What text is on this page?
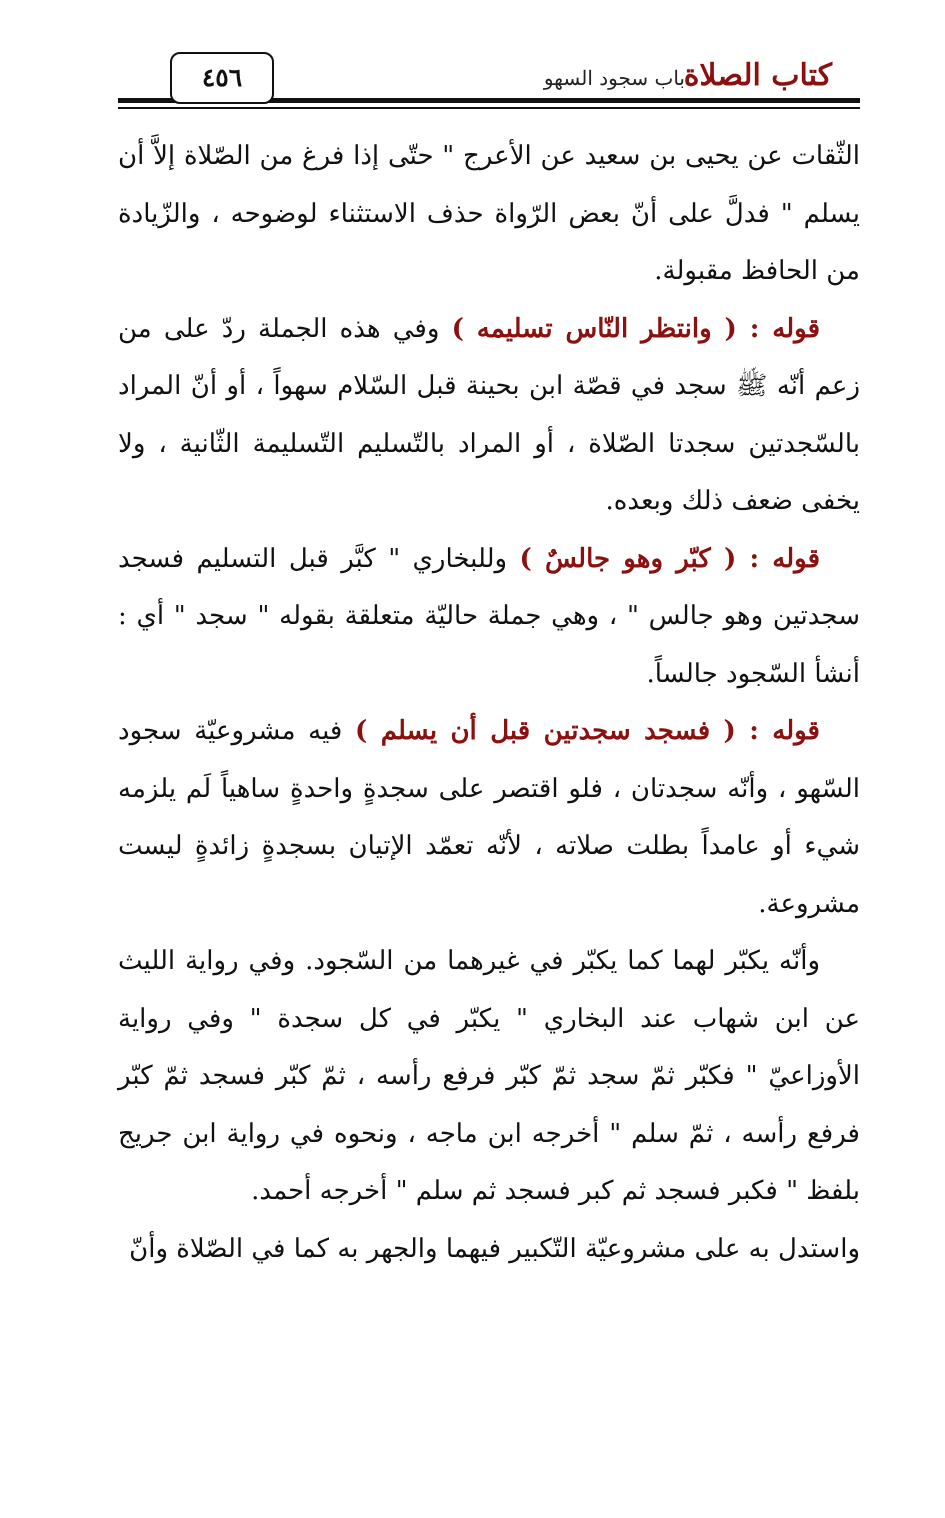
٤٥٦	كتاب الصلاة
باب سجود السهو

الثّقات عن يحيى بن سعيد عن الأعرج " حتّى إذا فرغ من الصّلاة إلاَّ أن يسلم " فدلَّ على أنّ بعض الرّواة حذف الاستثناء لوضوحه ، والزّيادة من الحافظ مقبولة.

قوله : ( وانتظر النّاس تسليمه ) وفي هذه الجملة ردّ على من زعم أنّه ﷺ سجد في قصّة ابن بحينة قبل السّلام سهواً ، أو أنّ المراد بالسّجدتين سجدتا الصّلاة ، أو المراد بالتّسليم التّسليمة الثّانية ، ولا يخفى ضعف ذلك وبعده.

قوله : ( كبّر وهو جالسٌ ) وللبخاري " كبَّر قبل التسليم فسجد سجدتين وهو جالس " ، وهي جملة حاليّة متعلقة بقوله " سجد " أي : أنشأ السّجود جالساً.

قوله : ( فسجد سجدتين قبل أن يسلم ) فيه مشروعيّة سجود السّهو ، وأنّه سجدتان ، فلو اقتصر على سجدةٍ واحدةٍ ساهياً لَم يلزمه شيء أو عامداً بطلت صلاته ، لأنّه تعمّد الإتيان بسجدةٍ زائدةٍ ليست مشروعة.

وأنّه يكبّر لهما كما يكبّر في غيرهما من السّجود. وفي رواية الليث عن ابن شهاب عند البخاري " يكبّر في كل سجدة " وفي رواية الأوزاعيّ " فكبّر ثمّ سجد ثمّ كبّر فرفع رأسه ، ثمّ كبّر فسجد ثمّ كبّر فرفع رأسه ، ثمّ سلم " أخرجه ابن ماجه ، ونحوه في رواية ابن جريج بلفظ " فكبر فسجد ثم كبر فسجد ثم سلم " أخرجه أحمد.

واستدل به على مشروعيّة التّكبير فيهما والجهر به كما في الصّلاة وأنّ
